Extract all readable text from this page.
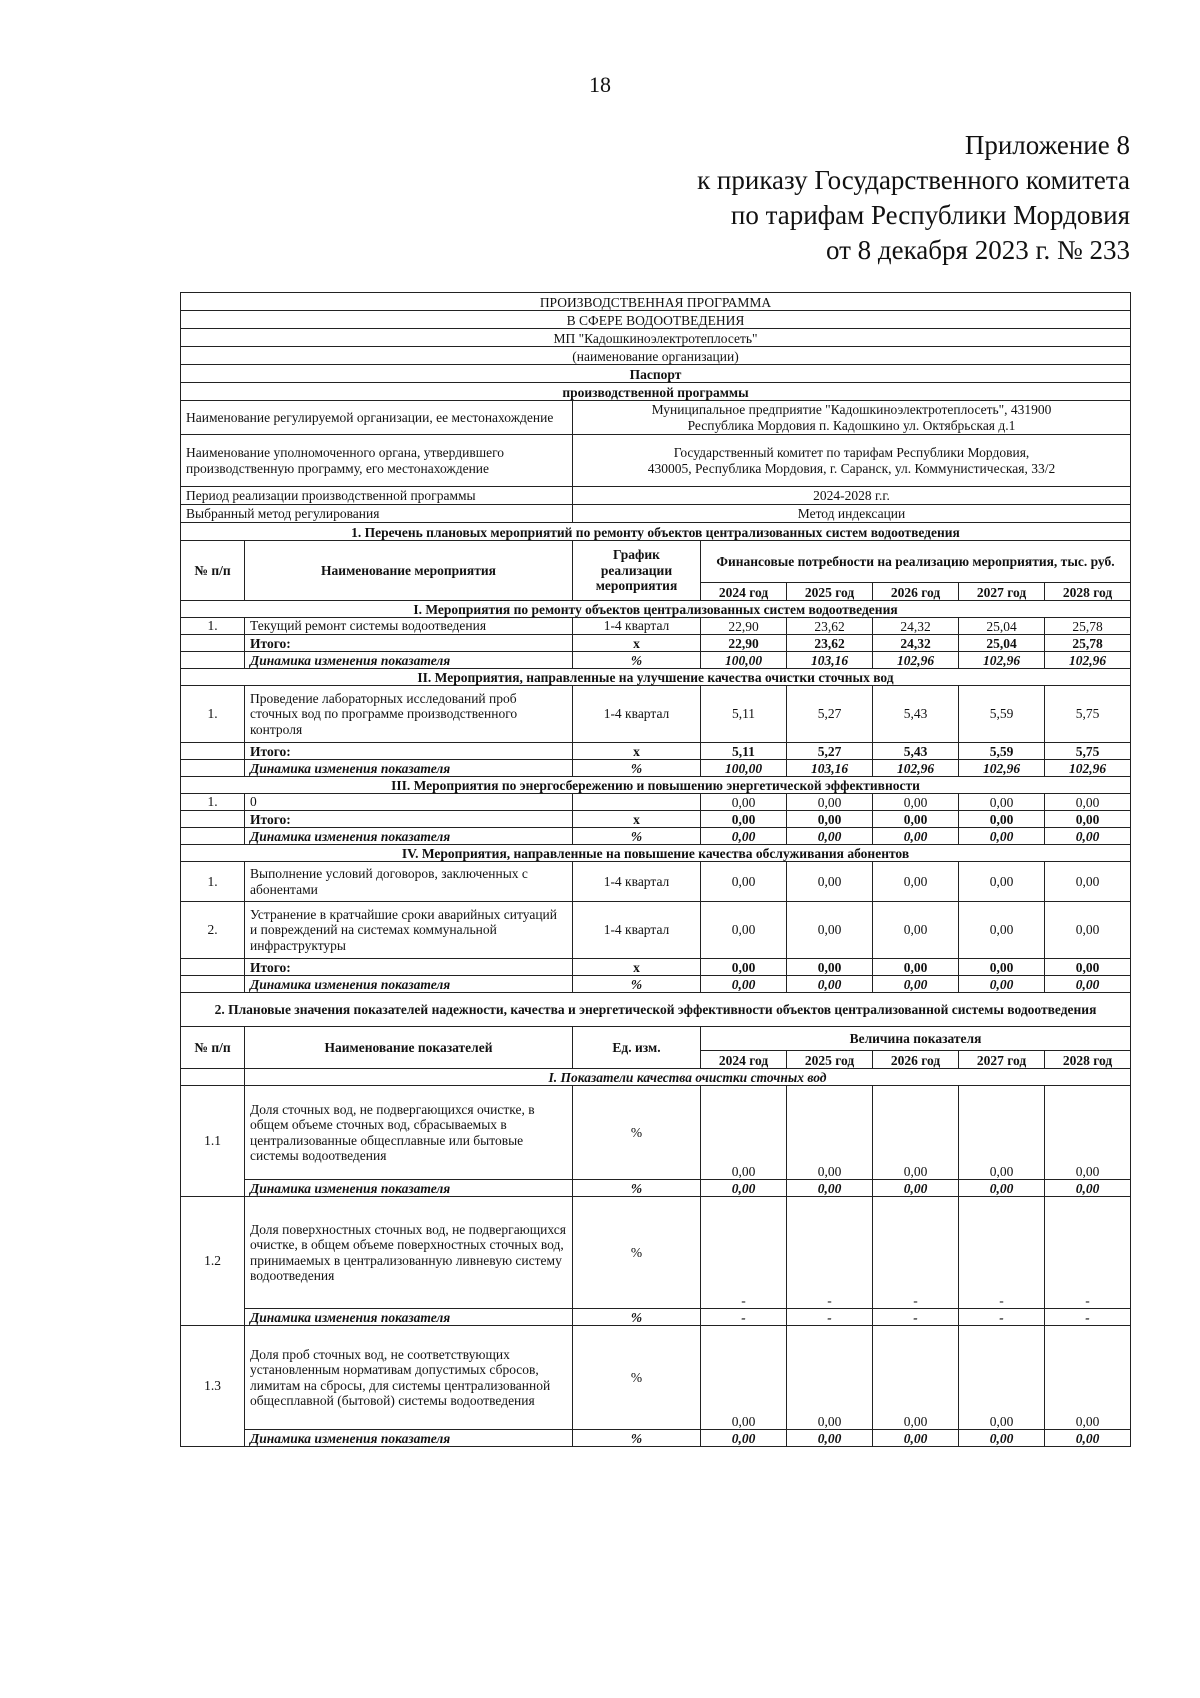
18
Приложение 8
к приказу Государственного комитета
по тарифам Республики Мордовия
от 8 декабря 2023 г. № 233
ПРОИЗВОДСТВЕННАЯ ПРОГРАММА							
В СФЕРЕ ВОДООТВЕДЕНИЯ							
МП "Кадошкиноэлектротеплосеть"							
(наименование организации)							
Паспорт							
производственной программы							
Наименование регулируемой организации, ее местонахождение		Муниципальное предприятие "Кадошкиноэлектротеплосеть", 431900
Республика Мордовия п. Кадошкино ул. Октябрьская д.1					

Наименование уполномоченного органа, утвердившего производственную программу, его местонахождение		Государственный комитет по тарифам Республики Мордовия,
430005, Республика Мордовия, г. Саранск, ул. Коммунистическая, 33/2					

Период реализации производственной программы		2024-2028 г.г.					

Выбранный метод регулирования		Метод индексации					

1. Перечень плановых мероприятий по ремонту объектов централизованных систем водоотведения							
№ п/п	Наименование мероприятия	График реализации мероприятия	Финансовые потребности на реализацию мероприятия, тыс. руб.				
			2024 год	2025 год	2026 год	2027 год	2028 год
I. Мероприятия по ремонту объектов централизованных систем водоотведения							
1.	Текущий ремонт системы водоотведения	1-4 квартал	22,90	23,62	24,32	25,04	25,78
	Итого:	х	22,90	23,62	24,32	25,04	25,78
	Динамика изменения показателя	%	100,00	103,16	102,96	102,96	102,96
II. Мероприятия, направленные на улучшение качества очистки сточных вод							
1.	Проведение лабораторных исследований проб сточных вод по программе производственного контроля	1-4 квартал	5,11	5,27	5,43	5,59	5,75
	Итого:	х	5,11	5,27	5,43	5,59	5,75
	Динамика изменения показателя	%	100,00	103,16	102,96	102,96	102,96
III. Мероприятия по энергосбережению и повышению энергетической эффективности							
1.	0		0,00	0,00	0,00	0,00	0,00
	Итого:	х	0,00	0,00	0,00	0,00	0,00
	Динамика изменения показателя	%	0,00	0,00	0,00	0,00	0,00
IV. Мероприятия, направленные на повышение качества обслуживания абонентов							
1.	Выполнение условий договоров, заключенных с абонентами	1-4 квартал	0,00	0,00	0,00	0,00	0,00
2.	Устранение в кратчайшие сроки аварийных ситуаций и повреждений на системах коммунальной инфраструктуры	1-4 квартал	0,00	0,00	0,00	0,00	0,00
	Итого:	х	0,00	0,00	0,00	0,00	0,00
	Динамика изменения показателя	%	0,00	0,00	0,00	0,00	0,00
2. Плановые значения показателей надежности, качества и энергетической эффективности объектов централизованной системы водоотведения							
№ п/п	Наименование показателей	Ед. изм.	Величина показателя				
			2024 год	2025 год	2026 год	2027 год	2028 год
	I. Показатели качества очистки сточных вод						
1.1	Доля сточных вод, не подвергающихся очистке, в общем объеме сточных вод, сбрасываемых в централизованные общесплавные или бытовые системы водоотведения	%	0,00	0,00	0,00	0,00	0,00
	Динамика изменения показателя	%	0,00	0,00	0,00	0,00	0,00
1.2	Доля поверхностных сточных вод, не подвергающихся очистке, в общем объеме поверхностных сточных вод, принимаемых в централизованную ливневую систему водоотведения	%	-	-	-	-	-
	Динамика изменения показателя	%	-	-	-	-	-
1.3	Доля проб сточных вод, не соответствующих установленным нормативам допустимых сбросов, лимитам на сбросы, для системы централизованной общесплавной (бытовой) системы водоотведения	%	0,00	0,00	0,00	0,00	0,00
	Динамика изменения показателя	%	0,00	0,00	0,00	0,00	0,00
